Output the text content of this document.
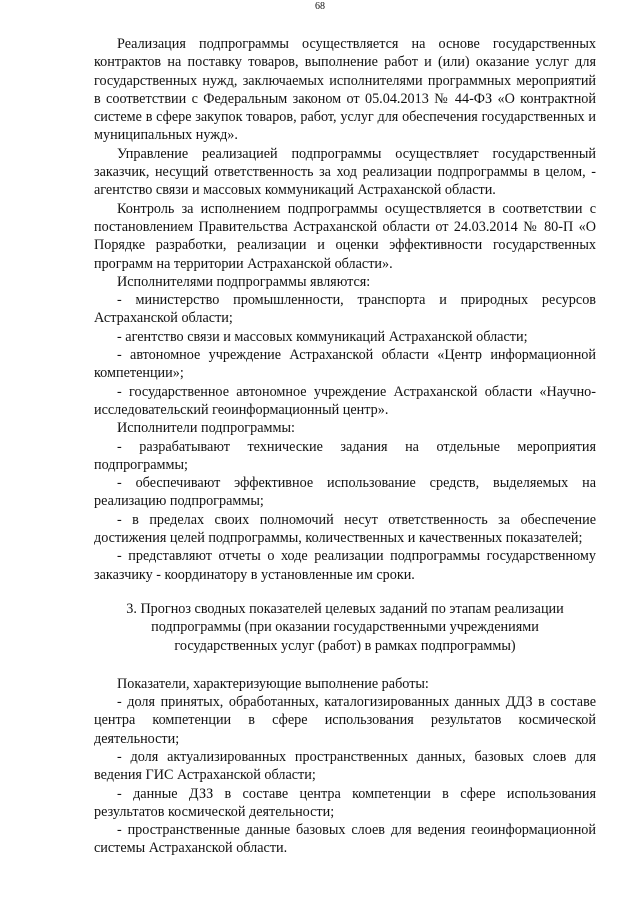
68

Реализация подпрограммы осуществляется на основе государственных контрактов на поставку товаров, выполнение работ и (или) оказание услуг для государственных нужд, заключаемых исполнителями программных мероприятий в соответствии с Федеральным законом от 05.04.2013 № 44-ФЗ «О контрактной системе в сфере закупок товаров, работ, услуг для обеспечения государственных и муниципальных нужд».

Управление реализацией подпрограммы осуществляет государственный заказчик, несущий ответственность за ход реализации подпрограммы в целом, - агентство связи и массовых коммуникаций Астраханской области.

Контроль за исполнением подпрограммы осуществляется в соответствии с постановлением Правительства Астраханской области от 24.03.2014 № 80-П «О Порядке разработки, реализации и оценки эффективности государственных программ на территории Астраханской области».

Исполнителями подпрограммы являются:

- министерство промышленности, транспорта и природных ресурсов Астраханской области;

- агентство связи и массовых коммуникаций Астраханской области;

- автономное учреждение Астраханской области «Центр информационной компетенции»;

- государственное автономное учреждение Астраханской области «Научно-исследовательский геоинформационный центр».

Исполнители подпрограммы:

- разрабатывают технические задания на отдельные мероприятия подпрограммы;

- обеспечивают эффективное использование средств, выделяемых на реализацию подпрограммы;

- в пределах своих полномочий несут ответственность за обеспечение достижения целей подпрограммы, количественных и качественных показателей;

- представляют отчеты о ходе реализации подпрограммы государственному заказчику - координатору в установленные им сроки.

3. Прогноз сводных показателей целевых заданий по этапам реализации подпрограммы (при оказании государственными учреждениями государственных услуг (работ) в рамках подпрограммы)

Показатели, характеризующие выполнение работы:

- доля принятых, обработанных, каталогизированных данных ДДЗ в составе центра компетенции в сфере использования результатов космической деятельности;

- доля актуализированных пространственных данных, базовых слоев для ведения ГИС Астраханской области;

- данные ДЗЗ в составе центра компетенции в сфере использования результатов космической деятельности;

- пространственные данные базовых слоев для ведения геоинформационной системы Астраханской области.
